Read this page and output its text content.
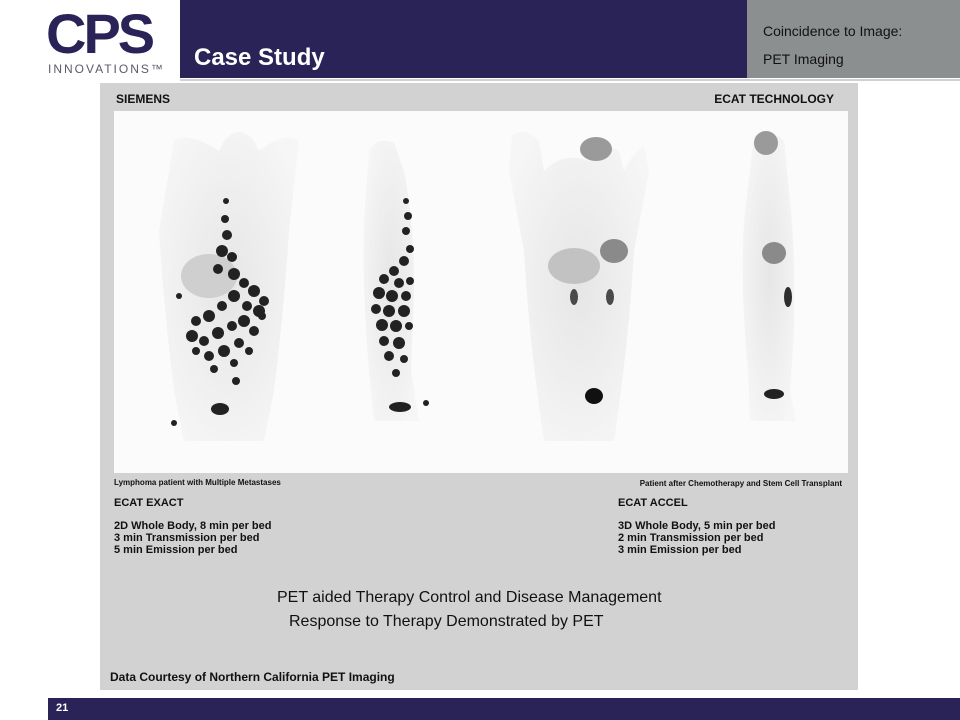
CPS
INNOVATIONS™ Case Study
Coincidence to Image:
PET Imaging
SIEMENS	ECAT TECHNOLOGY
Lymphoma patient with Multiple Metastases	Patient after Chemotherapy and Stem Cell Transplant
ECAT EXACT	ECAT ACCEL
2D Whole Body, 8 min per bed
3 min Transmission per bed
5 min Emission per bed
3D Whole Body, 5 min per bed
2 min Transmission per bed
3 min Emission per bed
PET aided Therapy Control and Disease Management
Response to Therapy Demonstrated by PET
Data Courtesy of Northern California PET Imaging
21
